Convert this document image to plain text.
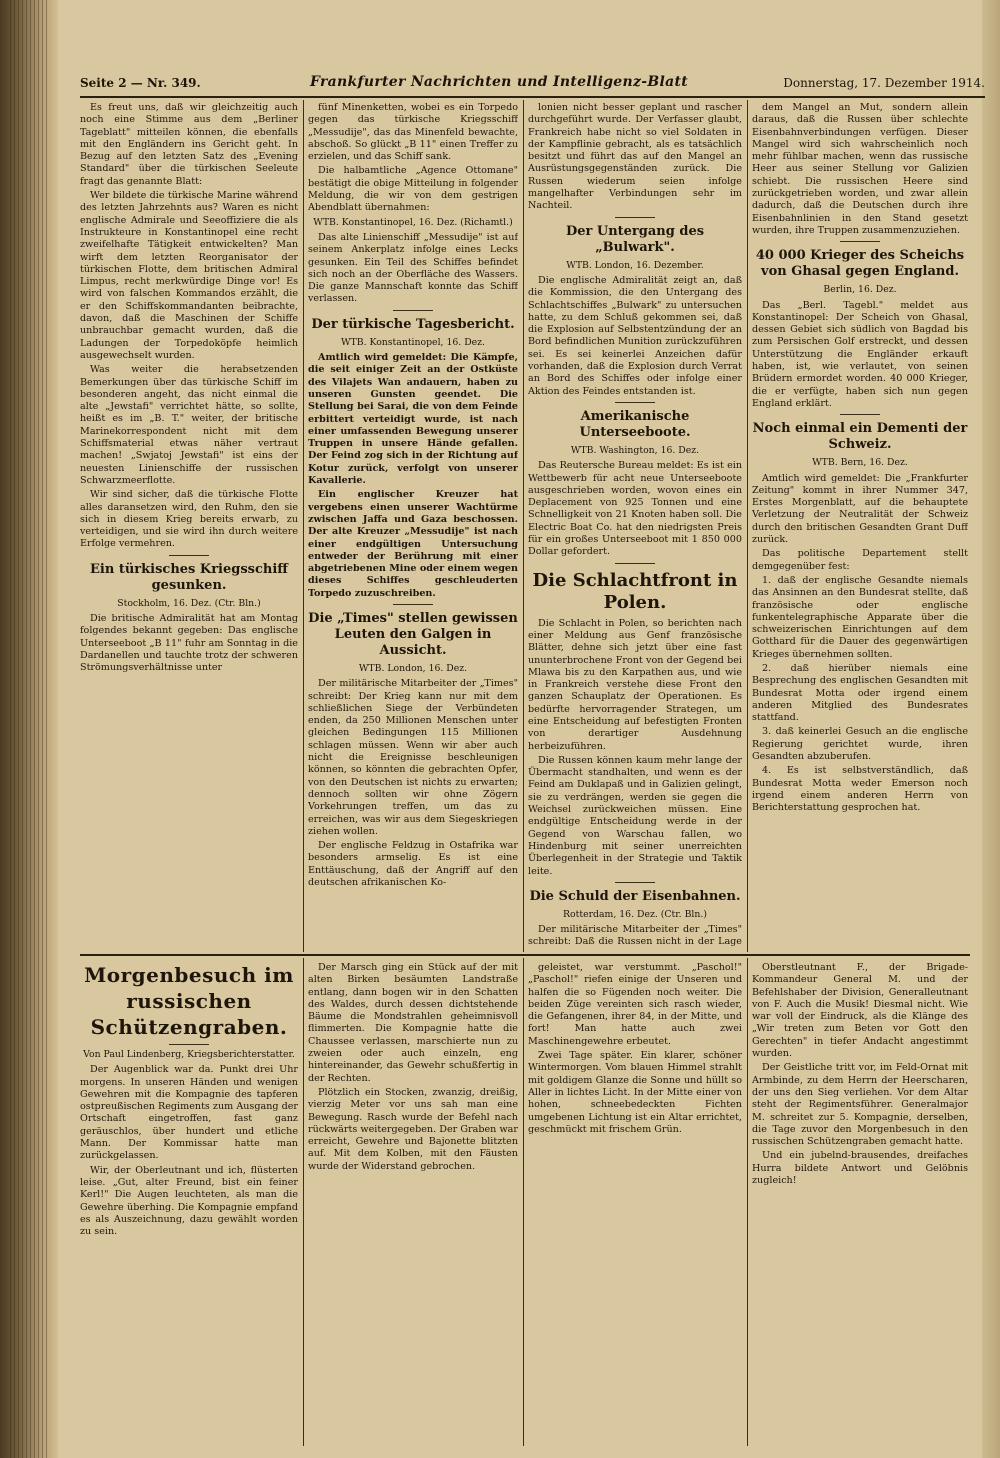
Seite 2 — Nr. 349.	Frankfurter Nachrichten und Intelligenz-Blatt	Donnerstag, 17. Dezember 1914.

Es freut uns, daß wir gleichzeitig auch noch eine Stimme aus dem „Berliner Tageblatt" mitteilen können, die ebenfalls mit den Engländern ins Gericht geht. In Bezug auf den letzten Satz des „Evening Standard" über die türkischen Seeleute fragt das genannte Blatt:

Wer bildete die türkische Marine während des letzten Jahrzehnts aus? Waren es nicht englische Admirale und Seeoffiziere die als Instrukteure in Konstantinopel eine recht zweifelhafte Tätigkeit entwickelten? Man wirft dem letzten Reorganisator der türkischen Flotte, dem britischen Admiral Limpus, recht merkwürdige Dinge vor! Es wird von falschen Kommandos erzählt, die er den Schiffskommandanten beibrachte, davon, daß die Maschinen der Schiffe unbrauchbar gemacht wurden, daß die Ladungen der Torpedoköpfe heimlich ausgewechselt wurden.

Was weiter die herabsetzenden Bemerkungen über das türkische Schiff im besonderen angeht, das nicht einmal die alte „Jewstafi" verrichtet hätte, so sollte, heißt es im „B. T." weiter, der britische Marinekorrespondent nicht mit dem Schiffsmaterial etwas näher vertraut machen! „Swjatoj Jewstafi" ist eins der neuesten Linienschiffe der russischen Schwarzmeerflotte.

Wir sind sicher, daß die türkische Flotte alles daransetzen wird, den Ruhm, den sie sich in diesem Krieg bereits erwarb, zu verteidigen, und sie wird ihn durch weitere Erfolge vermehren.

Ein türkisches Kriegsschiff gesunken.

Stockholm, 16. Dez. (Ctr. Bln.)

Die britische Admiralität hat am Montag folgendes bekannt gegeben: Das englische Unterseeboot „B 11" fuhr am Sonntag in die Dardanellen und tauchte trotz der schweren Strömungsverhältnisse unter

fünf Minenketten, wobei es ein Torpedo gegen das türkische Kriegsschiff „Messudije", das das Minenfeld bewachte, abschoß. So glückt „B 11" einen Treffer zu erzielen, und das Schiff sank.

Die halbamtliche „Agence Ottomane" bestätigt die obige Mitteilung in folgender Meldung, die wir von dem gestrigen Abendblatt übernahmen:

WTB. Konstantinopel, 16. Dez. (Richamtl.)

Das alte Linienschiff „Messudije" ist auf seinem Ankerplatz infolge eines Lecks gesunken. Ein Teil des Schiffes befindet sich noch an der Oberfläche des Wassers. Die ganze Mannschaft konnte das Schiff verlassen.

Der türkische Tagesbericht.

WTB. Konstantinopel, 16. Dez.

Amtlich wird gemeldet: Die Kämpfe, die seit einiger Zeit an der Ostküste des Vilajets Wan andauern, haben zu unseren Gunsten geendet. Die Stellung bei Sarai, die von dem Feinde erbittert verteidigt wurde, ist nach einer umfassenden Bewegung unserer Truppen in unsere Hände gefallen. Der Feind zog sich in der Richtung auf Kotur zurück, verfolgt von unserer Kavallerie.

Ein englischer Kreuzer hat vergebens einen unserer Wachtürme zwischen Jaffa und Gaza beschossen. Der alte Kreuzer „Messudije" ist nach einer endgültigen Untersuchung entweder der Berührung mit einer abgetriebenen Mine oder einem wegen dieses Schiffes geschleuderten Torpedo zuzuschreiben.

Die „Times" stellen gewissen Leuten den Galgen in Aussicht.

WTB. London, 16. Dez.

Der militärische Mitarbeiter der „Times" schreibt: Der Krieg kann nur mit dem schließlichen Siege der Verbündeten enden, da 250 Millionen Menschen unter gleichen Bedingungen 115 Millionen schlagen müssen. Wenn wir aber auch nicht die Ereignisse beschleunigen können, so könnten die gebrachten Opfer, von den Deutschen ist nichts zu erwarten; dennoch sollten wir ohne Zögern Vorkehrungen treffen, um das zu erreichen, was wir aus dem Siegeskriegen ziehen wollen.

Der englische Feldzug in Ostafrika war besonders armselig. Es ist eine Enttäuschung, daß der Angriff auf den deutschen afrikanischen Ko-

lonien nicht besser geplant und rascher durchgeführt wurde. Der Verfasser glaubt, Frankreich habe nicht so viel Soldaten in der Kampflinie gebracht, als es tatsächlich besitzt und führt das auf den Mangel an Ausrüstungsgegenständen zurück. Die Russen wiederum seien infolge mangelhafter Verbindungen sehr im Nachteil.

Der Untergang des „Bulwark".

WTB. London, 16. Dezember.

Die englische Admiralität zeigt an, daß die Kommission, die den Untergang des Schlachtschiffes „Bulwark" zu untersuchen hatte, zu dem Schluß gekommen sei, daß die Explosion auf Selbstentzündung der an Bord befindlichen Munition zurückzuführen sei. Es sei keinerlei Anzeichen dafür vorhanden, daß die Explosion durch Verrat an Bord des Schiffes oder infolge einer Aktion des Feindes entstanden ist.

Amerikanische Unterseeboote.

WTB. Washington, 16. Dez.

Das Reutersche Bureau meldet: Es ist ein Wettbewerb für acht neue Unterseeboote ausgeschrieben worden, wovon eines ein Deplacement von 925 Tonnen und eine Schnelligkeit von 21 Knoten haben soll. Die Electric Boat Co. hat den niedrigsten Preis für ein großes Unterseeboot mit 1 850 000 Dollar gefordert.

Die Schlachtfront in Polen.

Die Schlacht in Polen, so berichten nach einer Meldung aus Genf französische Blätter, dehne sich jetzt über eine fast ununterbrochene Front von der Gegend bei Mlawa bis zu den Karpathen aus, und wie in Frankreich verstehe diese Front den ganzen Schauplatz der Operationen. Es bedürfte hervorragender Strategen, um eine Entscheidung auf befestigten Fronten von derartiger Ausdehnung herbeizuführen.

Die Russen können kaum mehr lange der Übermacht standhalten, und wenn es der Feind am Duklapaß und in Galizien gelingt, sie zu verdrängen, werden sie gegen die Weichsel zurückweichen müssen. Eine endgültige Entscheidung werde in der Gegend von Warschau fallen, wo Hindenburg mit seiner unerreichten Überlegenheit in der Strategie und Taktik leite.

Die Schuld der Eisenbahnen.

Rotterdam, 16. Dez. (Ctr. Bln.)

Der militärische Mitarbeiter der „Times" schreibt: Daß die Russen nicht in der Lage

dem Mangel an Mut, sondern allein daraus, daß die Russen über schlechte Eisenbahnverbindungen verfügen. Dieser Mangel wird sich wahrscheinlich noch mehr fühlbar machen, wenn das russische Heer aus seiner Stellung vor Galizien schiebt. Die russischen Heere sind zurückgetrieben worden, und zwar allein dadurch, daß die Deutschen durch ihre Eisenbahnlinien in den Stand gesetzt wurden, ihre Truppen zusammenzuziehen.

40 000 Krieger des Scheichs von Ghasal gegen England.

Berlin, 16. Dez.

Das „Berl. Tagebl." meldet aus Konstantinopel: Der Scheich von Ghasal, dessen Gebiet sich südlich von Bagdad bis zum Persischen Golf erstreckt, und dessen Unterstützung die Engländer erkauft haben, ist, wie verlautet, von seinen Brüdern ermordet worden. 40 000 Krieger, die er verfügte, haben sich nun gegen England erklärt.

Noch einmal ein Dementi der Schweiz.

WTB. Bern, 16. Dez.

Amtlich wird gemeldet: Die „Frankfurter Zeitung" kommt in ihrer Nummer 347, Erstes Morgenblatt, auf die behauptete Verletzung der Neutralität der Schweiz durch den britischen Gesandten Grant Duff zurück.

Das politische Departement stellt demgegenüber fest:

1. daß der englische Gesandte niemals das Ansinnen an den Bundesrat stellte, daß französische oder englische funkentelegraphische Apparate über die schweizerischen Einrichtungen auf dem Gotthard für die Dauer des gegenwärtigen Krieges übernehmen sollten.

2. daß hierüber niemals eine Besprechung des englischen Gesandten mit Bundesrat Motta oder irgend einem anderen Mitglied des Bundesrates stattfand.

3. daß keinerlei Gesuch an die englische Regierung gerichtet wurde, ihren Gesandten abzuberufen.

4. Es ist selbstverständlich, daß Bundesrat Motta weder Emerson noch irgend einem anderen Herrn von Berichterstattung gesprochen hat.

Morgenbesuch im russischen Schützengraben.

Von Paul Lindenberg, Kriegsberichterstatter.

Der Augenblick war da. Punkt drei Uhr morgens. In unseren Händen und wenigen Gewehren mit die Kompagnie des tapferen ostpreußischen Regiments zum Ausgang der Ortschaft eingetroffen, fast ganz geräuschlos, über hundert und etliche Mann. Der Kommissar hatte man zurückgelassen.

Wir, der Oberleutnant und ich, flüsterten leise. „Gut, alter Freund, bist ein feiner Kerl!" Die Augen leuchteten, als man die Gewehre überhing. Die Kompagnie empfand es als Auszeichnung, dazu gewählt worden zu sein.

Der Marsch ging ein Stück auf der mit alten Birken besäumten Landstraße entlang, dann bogen wir in den Schatten des Waldes, durch dessen dichtstehende Bäume die Mondstrahlen geheimnisvoll flimmerten. Die Kompagnie hatte die Chaussee verlassen, marschierte nun zu zweien oder auch einzeln, eng hintereinander, das Gewehr schußfertig in der Rechten.

Plötzlich ein Stocken, zwanzig, dreißig, vierzig Meter vor uns sah man eine Bewegung. Rasch wurde der Befehl nach rückwärts weitergegeben. Der Graben war erreicht, Gewehre und Bajonette blitzten auf. Mit dem Kolben, mit den Fäusten wurde der Widerstand gebrochen.

geleistet, war verstummt. „Paschol!" „Paschol!" riefen einige der Unseren und halfen die so Fügenden noch weiter. Die beiden Züge vereinten sich rasch wieder, die Gefangenen, ihrer 84, in der Mitte, und fort! Man hatte auch zwei Maschinengewehre erbeutet.

Zwei Tage später. Ein klarer, schöner Wintermorgen. Vom blauen Himmel strahlt mit goldigem Glanze die Sonne und hüllt so Aller in lichtes Licht. In der Mitte einer von hohen, schneebedeckten Fichten umgebenen Lichtung ist ein Altar errichtet, geschmückt mit frischem Grün.

Oberstleutnant F., der Brigade-Kommandeur General M. und der Befehlshaber der Division, Generalleutnant von F. Auch die Musik! Diesmal nicht. Wie war voll der Eindruck, als die Klänge des „Wir treten zum Beten vor Gott den Gerechten" in tiefer Andacht angestimmt wurden.

Der Geistliche tritt vor, im Feld-Ornat mit Armbinde, zu dem Herrn der Heerscharen, der uns den Sieg verliehen. Vor dem Altar steht der Regimentsführer. Generalmajor M. schreitet zur 5. Kompagnie, derselben, die Tage zuvor den Morgenbesuch in den russischen Schützengraben gemacht hatte.

Und ein jubelnd-brausendes, dreifaches Hurra bildete Antwort und Gelöbnis zugleich!
